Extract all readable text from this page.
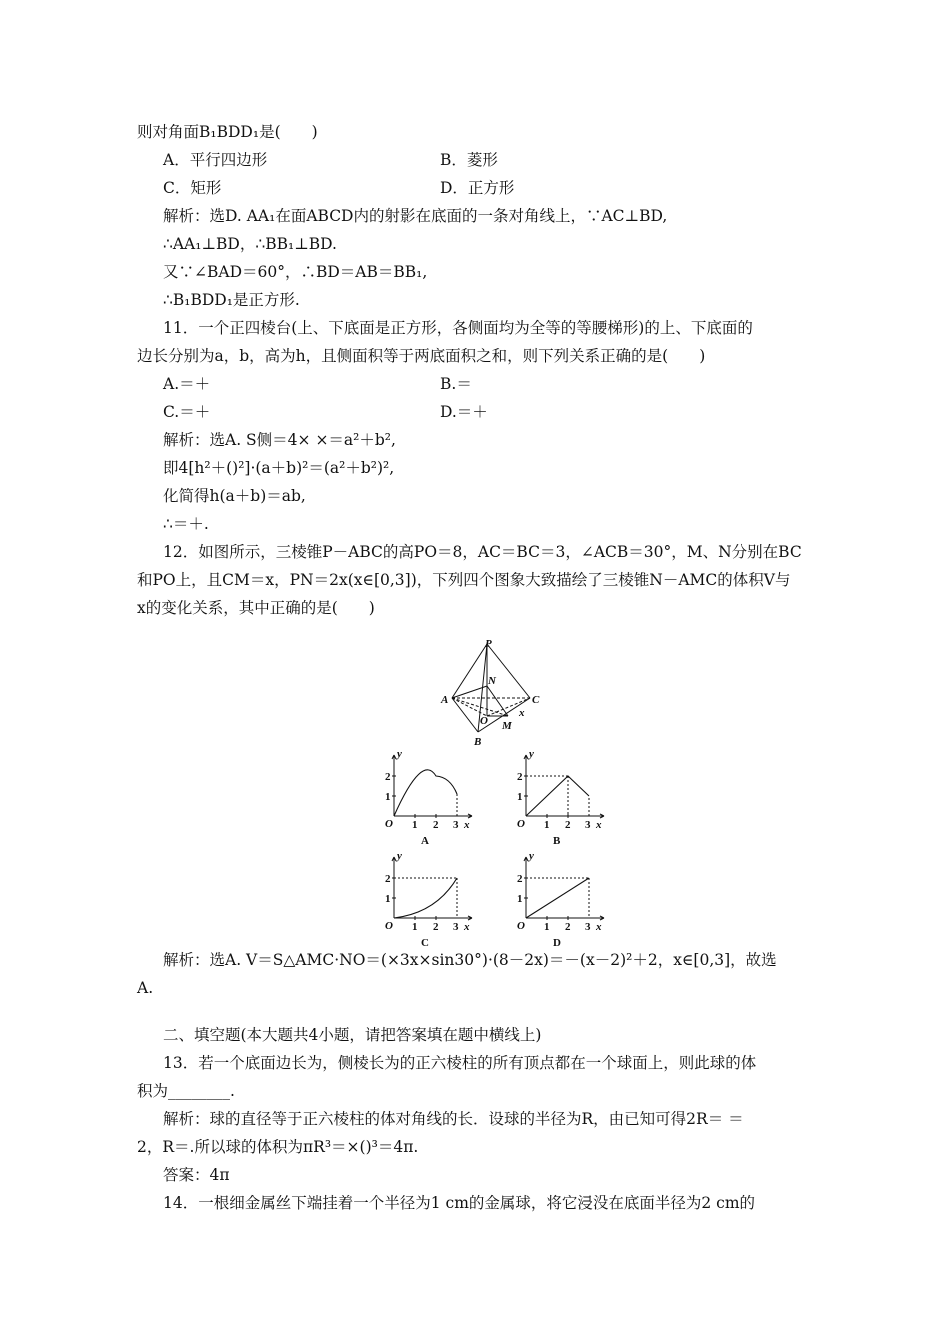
则对角面B₁BDD₁是(　　)
A．平行四边形	B．菱形
C．矩形	D．正方形
解析：选D. AA₁在面ABCD内的射影在底面的一条对角线上，∵AC⊥BD,
∴AA₁⊥BD，∴BB₁⊥BD.
又∵∠BAD＝60°，∴BD＝AB＝BB₁,
∴B₁BDD₁是正方形.
11．一个正四棱台(上、下底面是正方形，各侧面均为全等的等腰梯形)的上、下底面的
边长分别为a，b，高为h，且侧面积等于两底面积之和，则下列关系正确的是(　　)
A.＝＋	B.＝
C.＝＋	D.＝＋
解析：选A. S侧＝4× ×＝a²＋b²,
即4[h²＋()²]·(a＋b)²＝(a²＋b²)²,
化简得h(a＋b)＝ab,
∴＝＋.
12．如图所示，三棱锥P－ABC的高PO＝8，AC＝BC＝3，∠ACB＝30°，M、N分别在BC
和PO上，且CM＝x，PN＝2x(x∈[0,3])，下列四个图象大致描绘了三棱锥N－AMC的体积V与
x的变化关系，其中正确的是(　　)
P
A	C
B
N
O M
x
y
x
O 1 2 3
1
2
A
y
x
O 1 2 3
1
2
B
y
x
O 1 2 3
1
2
C
y
x
O 1 2 3
1
2
D
解析：选A. V＝S△AMC·NO＝(×3x×sin30°)·(8－2x)＝－(x－2)²＋2，x∈[0,3]，故选
A.
二、填空题(本大题共4小题，请把答案填在题中横线上)
13．若一个底面边长为，侧棱长为的正六棱柱的所有顶点都在一个球面上，则此球的体
积为________.
解析：球的直径等于正六棱柱的体对角线的长．设球的半径为R，由已知可得2R＝ ＝
2，R＝.所以球的体积为πR³＝×()³＝4π.
答案：4π
14．一根细金属丝下端挂着一个半径为1 cm的金属球，将它浸没在底面半径为2 cm的
